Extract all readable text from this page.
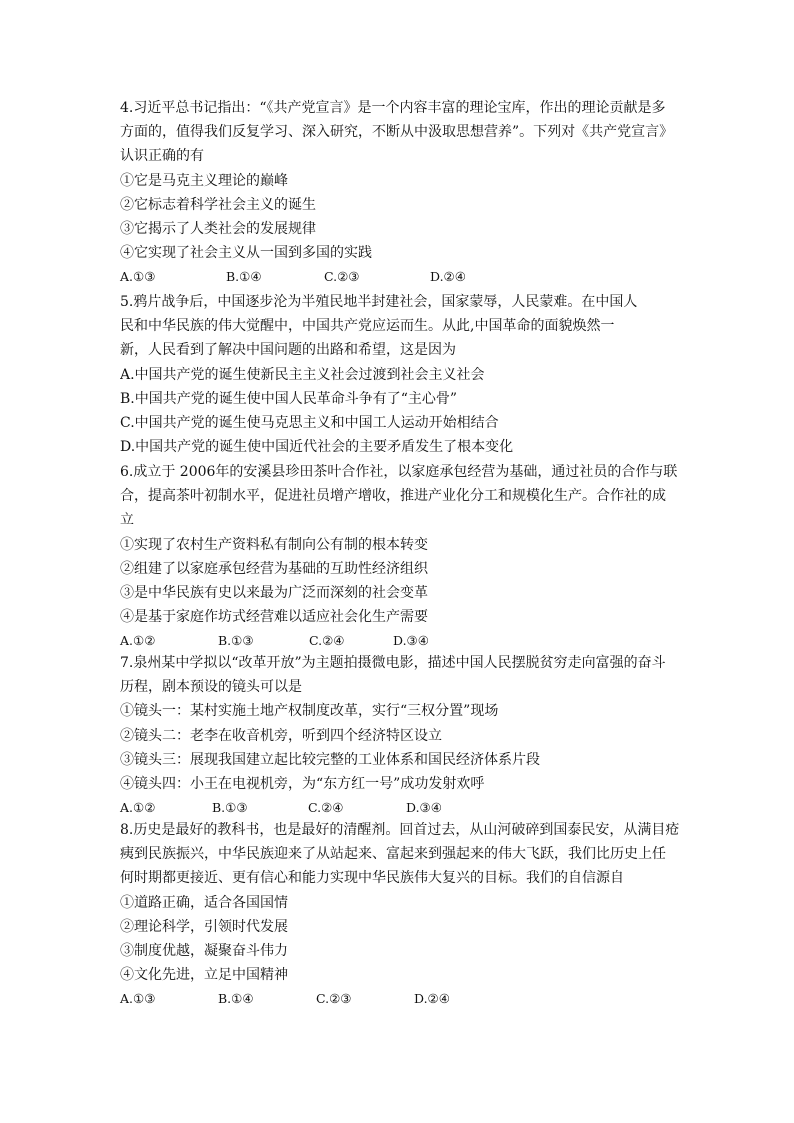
4.习近平总书记指出：“《共产党宣言》是一个内容丰富的理论宝库，作出的理论贡献是多
方面的，值得我们反复学习、深入研究，不断从中汲取思想营养”。下列对《共产党宣言》
认识正确的有
①它是马克主义理论的巅峰
②它标志着科学社会主义的诞生
③它揭示了人类社会的发展规律
④它实现了社会主义从一国到多国的实践
A.①③	B.①④	C.②③	D.②④
5.鸦片战争后，中国逐步沦为半殖民地半封建社会，国家蒙辱，人民蒙难。在中国人
民和中华民族的伟大觉醒中，中国共产党应运而生。从此,中国革命的面貌焕然一
新，人民看到了解决中国问题的出路和希望，这是因为
A.中国共产党的诞生使新民主主义社会过渡到社会主义社会
B.中国共产党的诞生使中国人民革命斗争有了“主心骨”
C.中国共产党的诞生使马克思主义和中国工人运动开始相结合
D.中国共产党的诞生使中国近代社会的主要矛盾发生了根本变化
6.成立于 2006年的安溪县珍田茶叶合作社，以家庭承包经营为基础，通过社员的合作与联
合，提高茶叶初制水平，促进社员增产增收，推进产业化分工和规模化生产。合作社的成
立
①实现了农村生产资料私有制向公有制的根本转变
②组建了以家庭承包经营为基础的互助性经济组织
③是中华民族有史以来最为广泛而深刻的社会变革
④是基于家庭作坊式经营难以适应社会化生产需要
A.①②	B.①③	C.②④	D.③④
7.泉州某中学拟以“改革开放”为主题拍摄微电影，描述中国人民摆脱贫穷走向富强的奋斗
历程，剧本预设的镜头可以是
①镜头一：某村实施土地产权制度改革，实行“三权分置”现场
②镜头二：老李在收音机旁，听到四个经济特区设立
③镜头三：展现我国建立起比较完整的工业体系和国民经济体系片段
④镜头四：小王在电视机旁，为“东方红一号”成功发射欢呼
A.①②	B.①③	C.②④	D.③④
8.历史是最好的教科书，也是最好的清醒剂。回首过去，从山河破碎到国泰民安，从满目疮
痍到民族振兴，中华民族迎来了从站起来、富起来到强起来的伟大飞跃，我们比历史上任
何时期都更接近、更有信心和能力实现中华民族伟大复兴的目标。我们的自信源自
①道路正确，适合各国国情
②理论科学，引领时代发展
③制度优越，凝聚奋斗伟力
④文化先进，立足中国精神
A.①③	B.①④	C.②③	D.②④
